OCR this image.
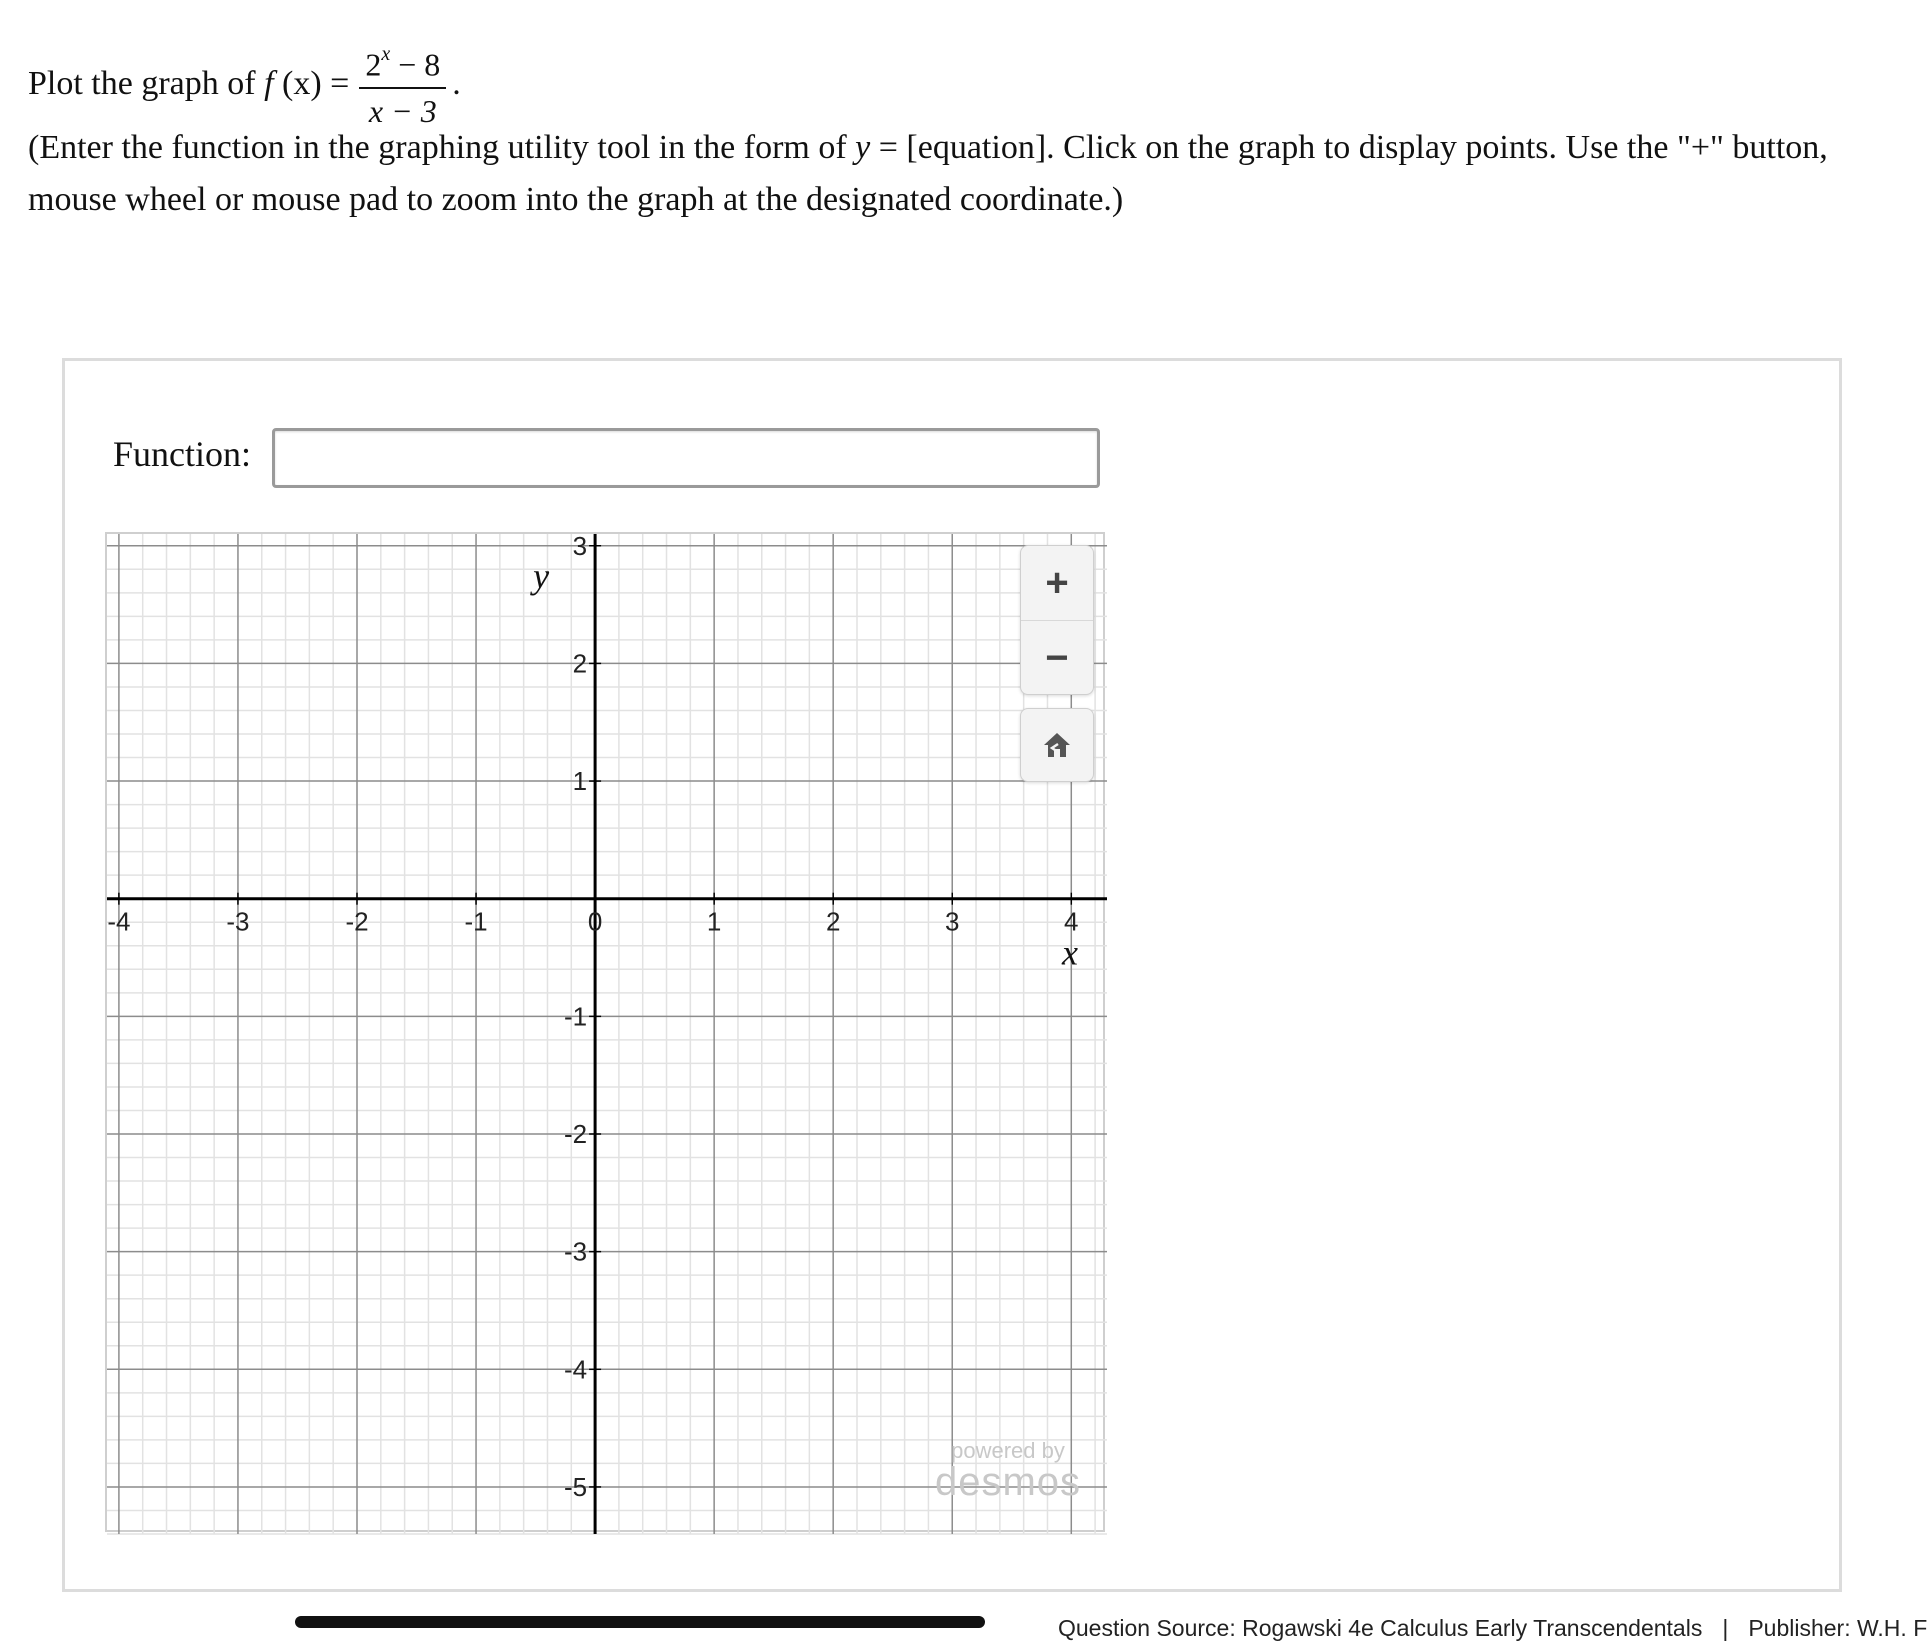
Plot the graph of
f
$(x) = \frac{2^x - 8}{x - 3}$ .
(Enter the function in the graphing utility tool in the form of y = [equation]. Click on the graph to display points. Use the "+" button, mouse wheel or mouse pad to zoom into the graph at the designated coordinate.)
Function:
-4	-3	-2	-1	0	1	2	3	4
3
2
1
-1
-2
-3
-4
-5
x
y	+
−
powered by
desmos
Question Source: Rogawski 4e Calculus Early Transcendentals | Publisher: W.H. F
